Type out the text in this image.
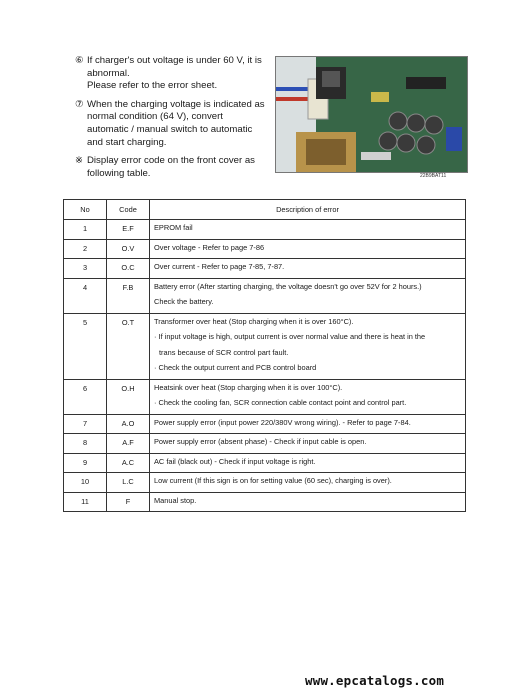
⑥ If charger's out voltage is under 60 V, it is
abnormal.
Please refer to the error sheet.

⑦ When the charging voltage is indicated as
normal condition (64 V), convert
automatic / manual switch to automatic
and start charging.

※ Display error code on the front cover as
following table.	22B9BAT11
No	Code	Description of error
1	E.F	EPROM fail

2	O.V	Over voltage - Refer to page 7-86

3	O.C	Over current - Refer to page 7-85, 7-87.

4	F.B	Battery error (After starting charging, the voltage doesn't go over 52V for 2 hours.)
Check the battery.

5	O.T	Transformer over heat (Stop charging when it is over 160°C).
· If input voltage is high, output current is over normal value and there is heat in the
trans because of SCR control part fault.
· Check the output current and PCB control board

6	O.H	Heatsink over heat (Stop charging when it is over 100°C).
· Check the cooling fan, SCR connection cable contact point and control part.

7	A.O	Power supply error (input power 220/380V wrong wiring). - Refer to page 7-84.

8	A.F	Power supply error (absent phase) - Check if input cable is open.

9	A.C	AC fail (black out) - Check if input voltage is right.

10	L.C	Low current (If this sign is on for setting value (60 sec), charging is over).

11	F	Manual stop.
www.epcatalogs.com
